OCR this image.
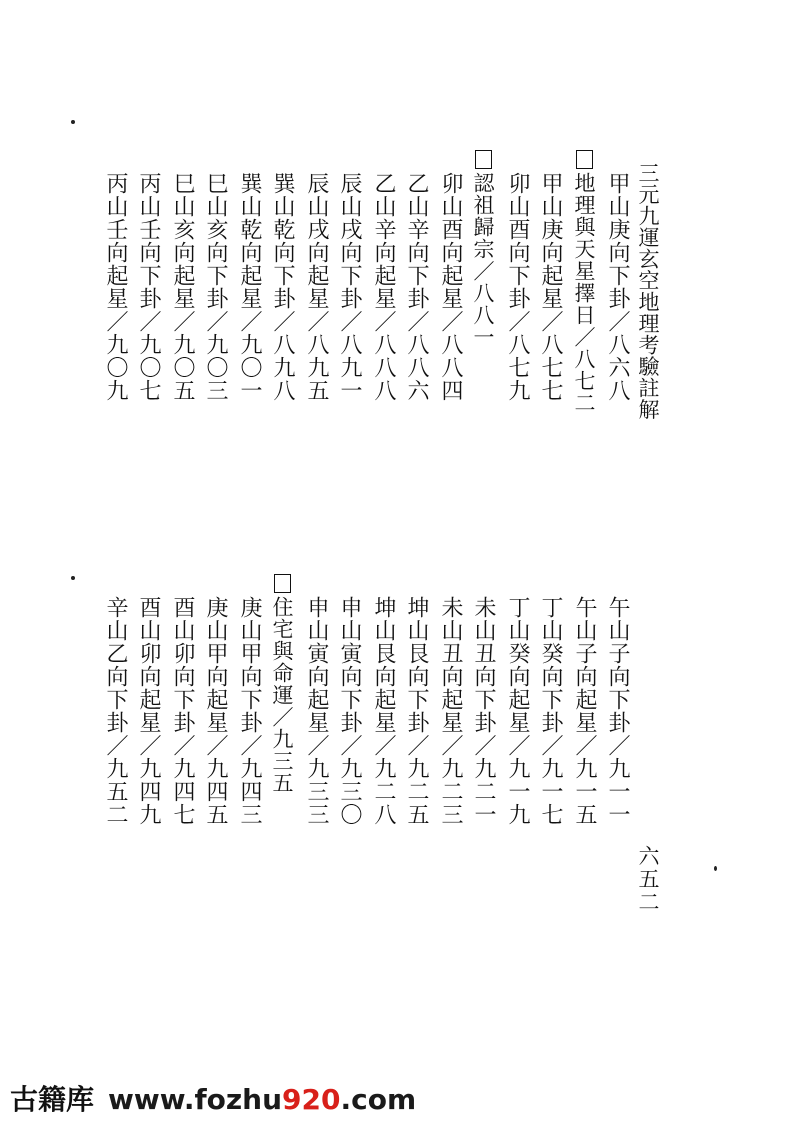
三元九運玄空地理考驗註解
甲山庚向下卦／八六八
地理與天星擇日／八七二
甲山庚向起星／八七七
卯山酉向下卦／八七九
認祖歸宗／八八一
卯山酉向起星／八八四
乙山辛向下卦／八八六
乙山辛向起星／八八八
辰山戌向下卦／八九一
辰山戌向起星／八九五
巽山乾向下卦／八九八
巽山乾向起星／九〇一
巳山亥向下卦／九〇三
巳山亥向起星／九〇五
丙山壬向下卦／九〇七
丙山壬向起星／九〇九
午山子向下卦／九一一
午山子向起星／九一五
丁山癸向下卦／九一七
丁山癸向起星／九一九
未山丑向下卦／九二一
未山丑向起星／九二三
坤山艮向下卦／九二五
坤山艮向起星／九二八
申山寅向下卦／九三〇
申山寅向起星／九三三
住宅與命運／九三五
庚山甲向下卦／九四三
庚山甲向起星／九四五
酉山卯向下卦／九四七
酉山卯向起星／九四九
辛山乙向下卦／九五二
六五二
古籍库 www.fozhu920.com
